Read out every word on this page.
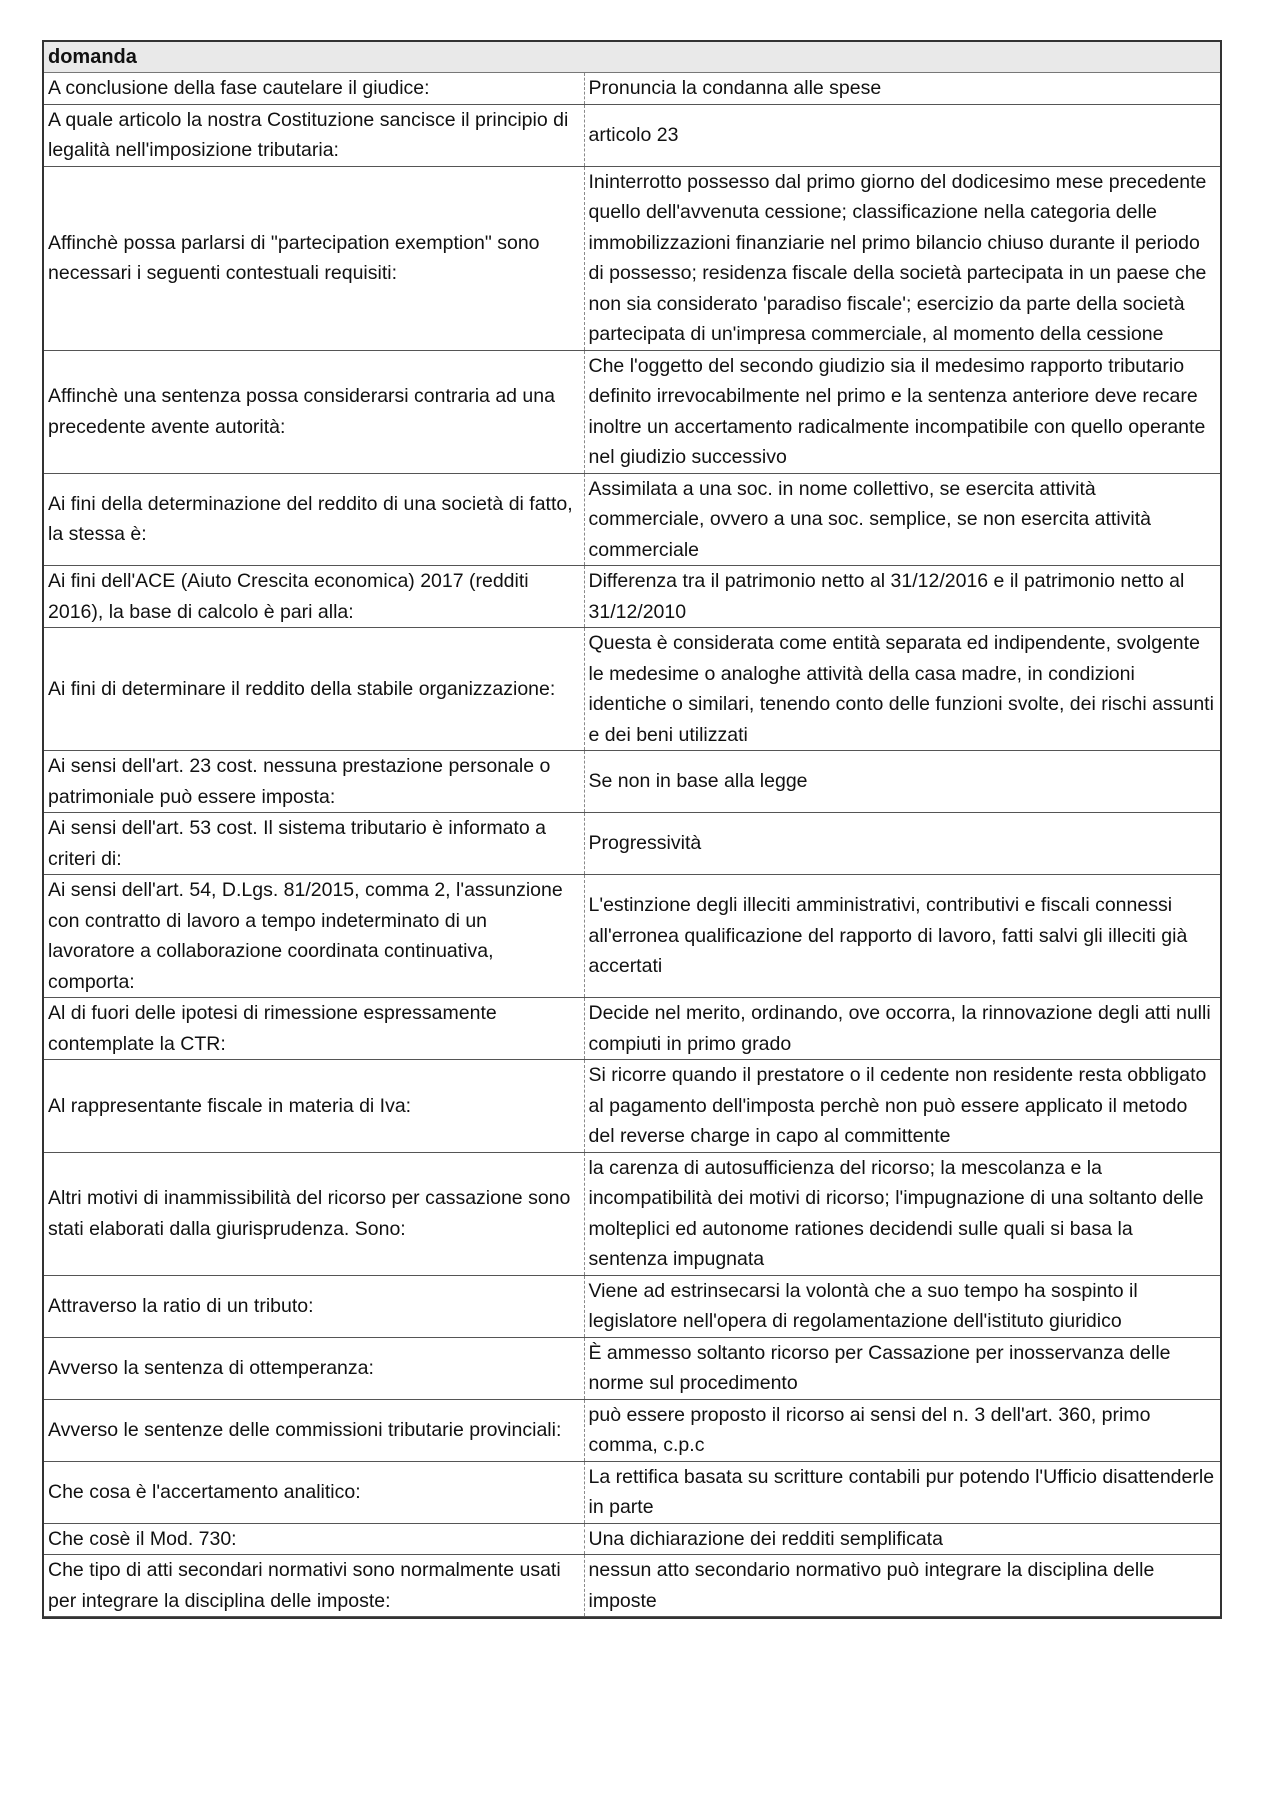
domanda	
A conclusione della fase cautelare il giudice:	Pronuncia la condanna alle spese
A quale articolo la nostra Costituzione sancisce il principio di legalità nell'imposizione tributaria:	articolo 23
Affinchè possa parlarsi di "partecipation exemption" sono necessari i seguenti contestuali requisiti:	Ininterrotto possesso dal primo giorno del dodicesimo mese precedente quello dell'avvenuta cessione; classificazione nella categoria delle immobilizzazioni finanziarie nel primo bilancio chiuso durante il periodo di possesso; residenza fiscale della società partecipata in un paese che non sia considerato 'paradiso fiscale'; esercizio da parte della società partecipata di un'impresa commerciale, al momento della cessione
Affinchè una sentenza possa considerarsi contraria ad una precedente avente autorità:	Che l'oggetto del secondo giudizio sia il medesimo rapporto tributario definito irrevocabilmente nel primo e la sentenza anteriore deve recare inoltre un accertamento radicalmente incompatibile con quello operante nel giudizio successivo
Ai fini della determinazione del reddito di una società di fatto, la stessa è:	Assimilata a una soc. in nome collettivo, se esercita attività commerciale, ovvero a una soc. semplice, se non esercita attività commerciale
Ai fini dell'ACE (Aiuto Crescita economica) 2017 (redditi 2016), la base di calcolo è pari alla:	Differenza tra il patrimonio netto al 31/12/2016 e il patrimonio netto al 31/12/2010
Ai fini di determinare il reddito della stabile organizzazione:	Questa è considerata come entità separata ed indipendente, svolgente le medesime o analoghe attività della casa madre, in condizioni identiche o similari, tenendo conto delle funzioni svolte, dei rischi assunti e dei beni utilizzati
Ai sensi dell'art. 23 cost. nessuna prestazione personale o patrimoniale può essere imposta:	Se non in base alla legge
Ai sensi dell'art. 53 cost. Il sistema tributario è informato a criteri di:	Progressività
Ai sensi dell'art. 54, D.Lgs. 81/2015, comma 2, l'assunzione con contratto di lavoro a tempo indeterminato di un lavoratore a collaborazione coordinata continuativa, comporta:	L'estinzione degli illeciti amministrativi, contributivi e fiscali connessi all'erronea qualificazione del rapporto di lavoro, fatti salvi gli illeciti già accertati
Al di fuori delle ipotesi di rimessione espressamente contemplate la CTR:	Decide nel merito, ordinando, ove occorra, la rinnovazione degli atti nulli compiuti in primo grado
Al rappresentante fiscale in materia di Iva:	Si ricorre quando il prestatore o il cedente non residente resta obbligato al pagamento dell'imposta perchè non può essere applicato il metodo del reverse charge in capo al committente
Altri motivi di inammissibilità del ricorso per cassazione sono stati elaborati dalla giurisprudenza. Sono:	la carenza di autosufficienza del ricorso; la mescolanza e la incompatibilità dei motivi di ricorso; l'impugnazione di una soltanto delle molteplici ed autonome rationes decidendi sulle quali si basa la sentenza impugnata
Attraverso la ratio di un tributo:	Viene ad estrinsecarsi la volontà che a suo tempo ha sospinto il legislatore nell'opera di regolamentazione dell'istituto giuridico
Avverso la sentenza di ottemperanza:	È ammesso soltanto ricorso per Cassazione per inosservanza delle norme sul procedimento
Avverso le sentenze delle commissioni tributarie provinciali:	può essere proposto il ricorso ai sensi del n. 3 dell'art. 360, primo comma, c.p.c
Che cosa è l'accertamento analitico:	La rettifica basata su scritture contabili pur potendo l'Ufficio disattenderle in parte
Che cosè il Mod. 730:	Una dichiarazione dei redditi semplificata
Che tipo di atti secondari normativi sono normalmente usati per integrare la disciplina delle imposte:	nessun atto secondario normativo può integrare la disciplina delle imposte
